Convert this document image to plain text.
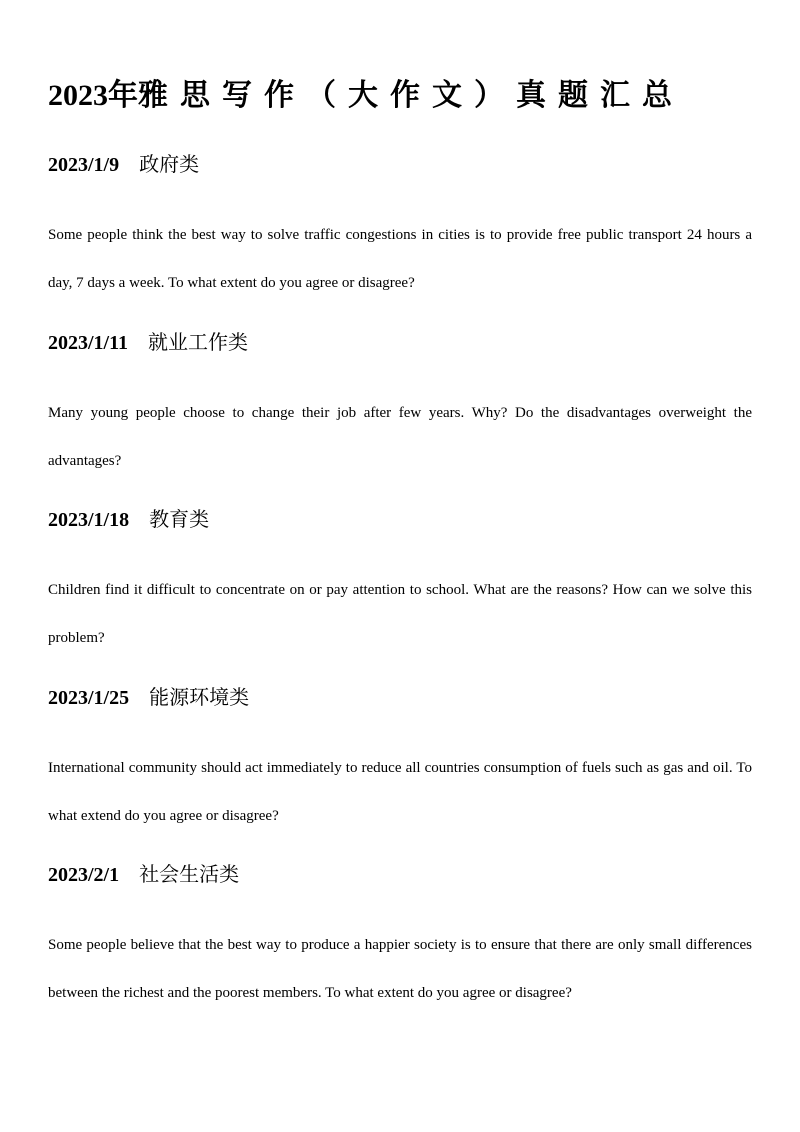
2023年雅思写作（大作文）真题汇总
2023/1/9 政府类

Some people think the best way to solve traffic congestions in cities is to provide free public transport 24 hours a day, 7 days a week. To what extent do you agree or disagree?

2023/1/11 就业工作类

Many young people choose to change their job after few years. Why? Do the disadvantages overweight the advantages?

2023/1/18 教育类

Children find it difficult to concentrate on or pay attention to school. What are the reasons? How can we solve this problem?

2023/1/25 能源环境类

International community should act immediately to reduce all countries consumption of fuels such as gas and oil. To what extend do you agree or disagree?

2023/2/1 社会生活类

Some people believe that the best way to produce a happier society is to ensure that there are only small differences between the richest and the poorest members. To what extent do you agree or disagree?
